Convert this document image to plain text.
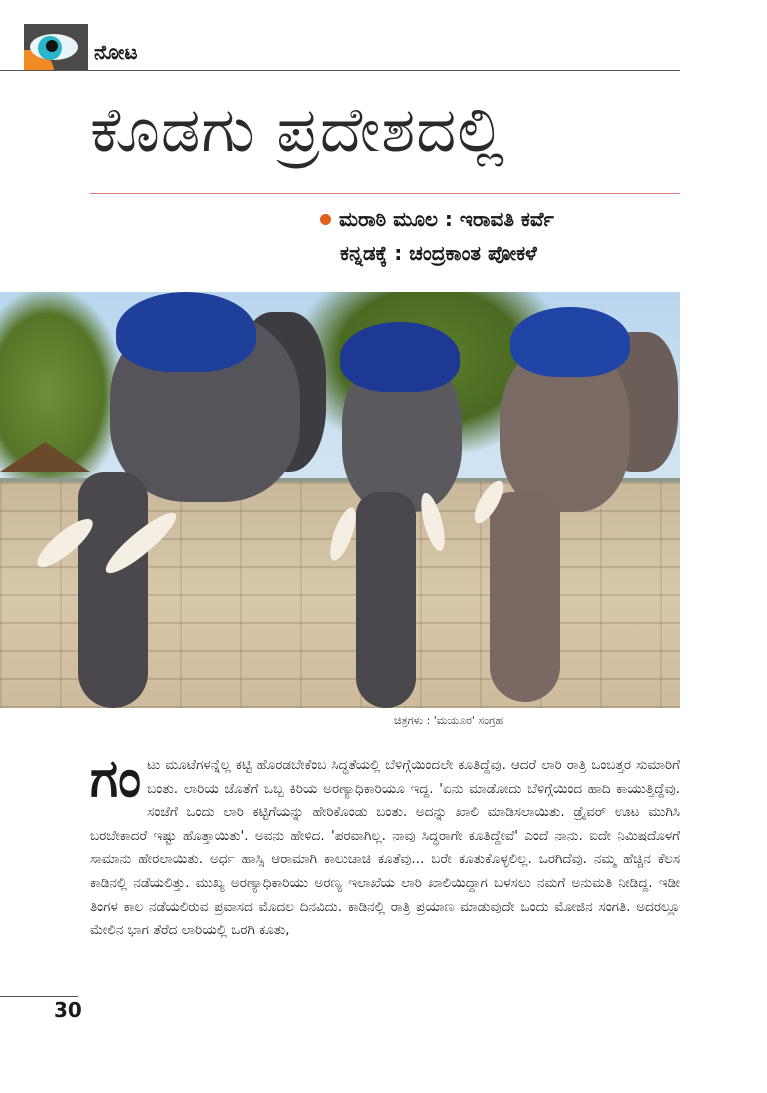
ನೋಟ
ಕೊಡಗು ಪ್ರದೇಶದಲ್ಲಿ
ಮರಾಠಿ ಮೂಲ : ಇರಾವತಿ ಕರ್ವೆ
ಕನ್ನಡಕ್ಕೆ : ಚಂದ್ರಕಾಂತ ಪೋಕಳೆ
ಚಿತ್ರಗಳು : 'ಮಯೂರ' ಸಂಗ್ರಹ
ಗಂ ಟು ಮೂಟೆಗಳನ್ನೆಲ್ಲ ಕಟ್ಟಿ ಹೊರಡಬೇಕೆಂಬ ಸಿದ್ಧತೆಯಲ್ಲಿ ಬೆಳಿಗ್ಗೆಯಿಂದಲೇ ಕೂತಿದ್ದೆವು. ಆದರೆ ಲಾರಿ ರಾತ್ರಿ ಒಂಬತ್ತರ ಸುಮಾರಿಗೆ ಬಂತು. ಲಾರಿಯ ಜೊತೆಗೆ ಒಬ್ಬ ಕಿರಿಯ ಅರಣ್ಯಾಧಿಕಾರಿಯೂ ಇದ್ದ. 'ಏನು ಮಾಡೋದು ಬೆಳಿಗ್ಗೆಯಿಂದ ಹಾದಿ ಕಾಯುತ್ತಿದ್ದೆವು. ಸಂಜೆಗೆ ಒಂದು ಲಾರಿ ಕಟ್ಟಿಗೆಯನ್ನು ಹೇರಿಕೊಂಡು ಬಂತು. ಅದನ್ನು ಖಾಲಿ ಮಾಡಿಸಲಾಯಿತು. ಡ್ರೈವರ್ ಊಟ ಮುಗಿಸಿ ಬರಬೇಕಾದರೆ ಇಷ್ಟು ಹೊತ್ತಾಯಿತು'. ಅವನು ಹೇಳಿದ. 'ಪರವಾಗಿಲ್ಲ. ನಾವು ಸಿದ್ಧರಾಗೇ ಕೂತಿದ್ದೇವೆ' ಎಂದೆ ನಾನು. ಐದೇ ನಿಮಿಷದೊಳಗೆ ಸಾಮಾನು ಹೇರಲಾಯಿತು. ಅರ್ಧ ಹಾಸ್ಸಿ ಆರಾಮಾಗಿ ಕಾಲುಚಾಚಿ ಕೂತೆವು... ಬರೇ ಕೂತುಕೊಳ್ಳಲಿಲ್ಲ. ಒರಗಿದೆವು. ನಮ್ಮ ಹೆಚ್ಚಿನ ಕೆಲಸ ಕಾಡಿನಲ್ಲಿ ನಡೆಯಲಿತ್ತು. ಮುಖ್ಯ ಅರಣ್ಯಾಧಿಕಾರಿಯು ಅರಣ್ಯ ಇಲಾಖೆಯ ಲಾರಿ ಖಾಲಿಯಿದ್ದಾಗ ಬಳಸಲು ನಮಗೆ ಅನುಮತಿ ನೀಡಿದ್ದ. ಇಡೀ ತಿಂಗಳ ಕಾಲ ನಡೆಯಲಿರುವ ಪ್ರವಾಸದ ಮೊದಲ ದಿನವಿದು. ಕಾಡಿನಲ್ಲಿ ರಾತ್ರಿ ಪ್ರಯಾಣ ಮಾಡುವುದೇ ಒಂದು ಮೋಜಿನ ಸಂಗತಿ. ಅದರಲ್ಲೂ ಮೇಲಿನ ಭಾಗ ತೆರೆದ ಲಾರಿಯಲ್ಲಿ ಒರಗಿ ಕೂತು,
30
